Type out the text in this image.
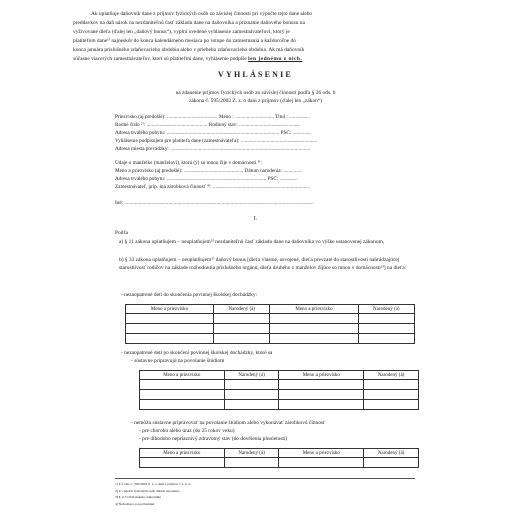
Ak uplatňuje daňovník dane z príjmov fyzických osôb zo závislej činnosti pri výpočte tejto dane alebo
preddavkov na daň nárok na nezdaniteľnú časť základu dane na daňovníka a priznanie daňového bonusu na
vyživované dieťa (ďalej len „daňový bonus“), vyplní uvedené vyhlásenie zamestnávateľovi, ktorý je
platiteľom dane¹⁾ najneskôr do konca kalendárneho mesiaca po vstupe do zamestnania a každoročne do
konca januára príslušného zdaňovacieho obdobia alebo v priebehu zdaňovacieho obdobia. Ak má daňovník
súčasne viacerých zamestnávateľov, ktorí sú platiteľmi dane, vyhlásenie podpíše len jednému z nich.
VYHLÁSENIE
na zdanenie príjmov fyzických osôb zo závislej činnosti podľa § 36 ods. 6
zákona č. 595/2003 Z. z. o dani z príjmov (ďalej len „zákon“)
Priezvisko (aj predošlé): ....................................... Meno : .............................. Titul : ................
Rodné číslo ²⁾: ............................................... Rodinný stav: ...............................................
Adresa trvalého pobytu: ....................................................................................... PSČ: ..............
Vyhlásenie podpisujem pre platiteľa dane (zamestnávateľa): ...........................................................
Adresa miesta prevádzky: ............................................................................................................
Údaje o manželke (manželovi), ktorá (ý) so mnou žije v domácnosti ³⁾:
Meno a priezvisko (aj predošlé): .............................................. Dátum narodenia: ...............
Adresa trvalého pobytu: ............................................................................. PSČ: ..............
Zamestnávateľ, prip. iná zárobková činnosť ⁴⁾: ...........................................................................
Iné: ..................................................................................................................................................
I.
Podľa
a) § 11 zákona uplatňujem – neuplatňujem⁵⁾ nezdaniteľnú časť základu dane na daňovníka vo výške ustanovenej zákonom,
b) § 33 zákona uplatňujem – neuplatňujem⁵⁾ daňový bonus [dieťa vlastné, osvojené, dieťa prevzaté do starostlivosti nahrádzajúcej starostlivosť rodičov na základe rozhodnutia príslušného orgánu, dieťa druhého z manželov žijúce so mnou v domácnosti⁶⁾] na dieťa:
- nezaopatrené deti do skončenia povinnej školskej dochádzky:
Meno a priezvisko	Narodený (á)	Meno a priezvisko	Narodený (á)

- nezaopatrené deti po skončení povinnej školskej dochádzky, ktoré sa
- sústavne pripravujú na povolanie štúdiom
Meno a priezvisko	Narodený (á)	Meno a priezvisko	Narodený (á)

- nemôžu sústavne pripravovať na povolanie štúdiom alebo vykonávať zárobkovú činnosť
- pre chorobu alebo úraz (do 25 rokov veku)
- pre dlhodobo nepriaznivý zdravotný stav (do dovŕšenia plnoletosti)
Meno a priezvisko	Narodený (á)	Meno a priezvisko	Narodený (á)

1) § 5 zák. č. 595/2003 Z. z. o dani z príjmov v z. n. p.
2) U cudzích fyzických osôb dátum narodenia
3) § 115 Občianskeho zákonníka
4) Nehodiace sa prečiarknuť
